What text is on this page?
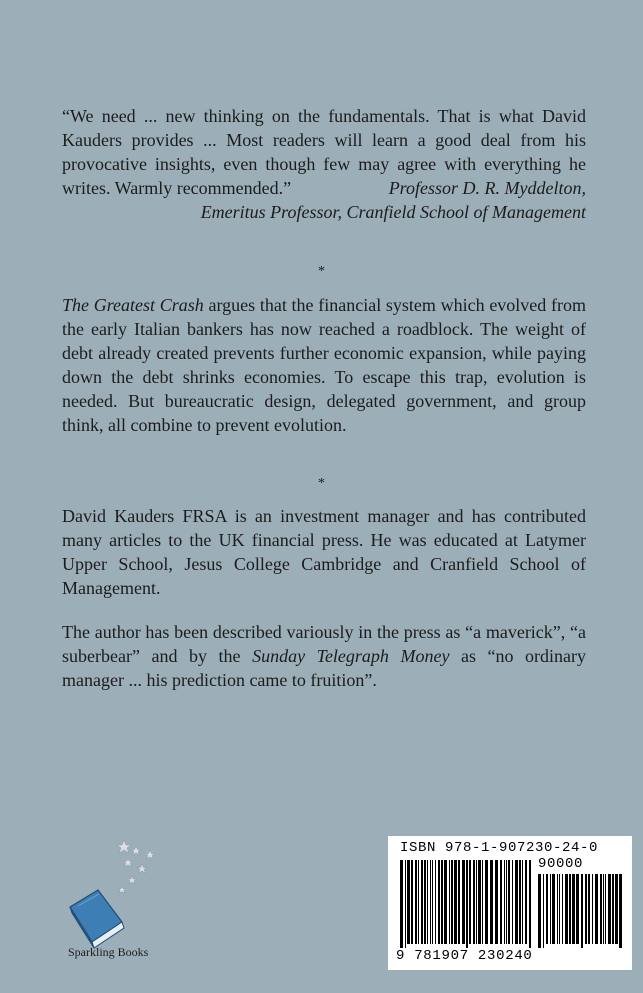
“We need ... new thinking on the fundamentals. That is what David Kauders provides ... Most readers will learn a good deal from his provocative insights, even though few may agree with everything he writes. Warmly recommended.”	Professor D. R. Myddelton,
Emeritus Professor, Cranfield School of Management
*
The Greatest Crash argues that the financial system which evolved from the early Italian bankers has now reached a roadblock. The weight of debt already created prevents further economic expansion, while paying down the debt shrinks economies. To escape this trap, evolution is needed. But bureaucratic design, delegated government, and group think, all combine to prevent evolution.
*
David Kauders FRSA is an investment manager and has contributed many articles to the UK financial press. He was educated at Latymer Upper School, Jesus College Cambridge and Cranfield School of Management.
The author has been described variously in the press as “a maverick”, “a suberbear” and by the Sunday Telegraph Money as “no ordinary manager ... his prediction came to fruition”.
Sparkling Books
ISBN 978-1-907230-24-0
90000
9 781907 230240
